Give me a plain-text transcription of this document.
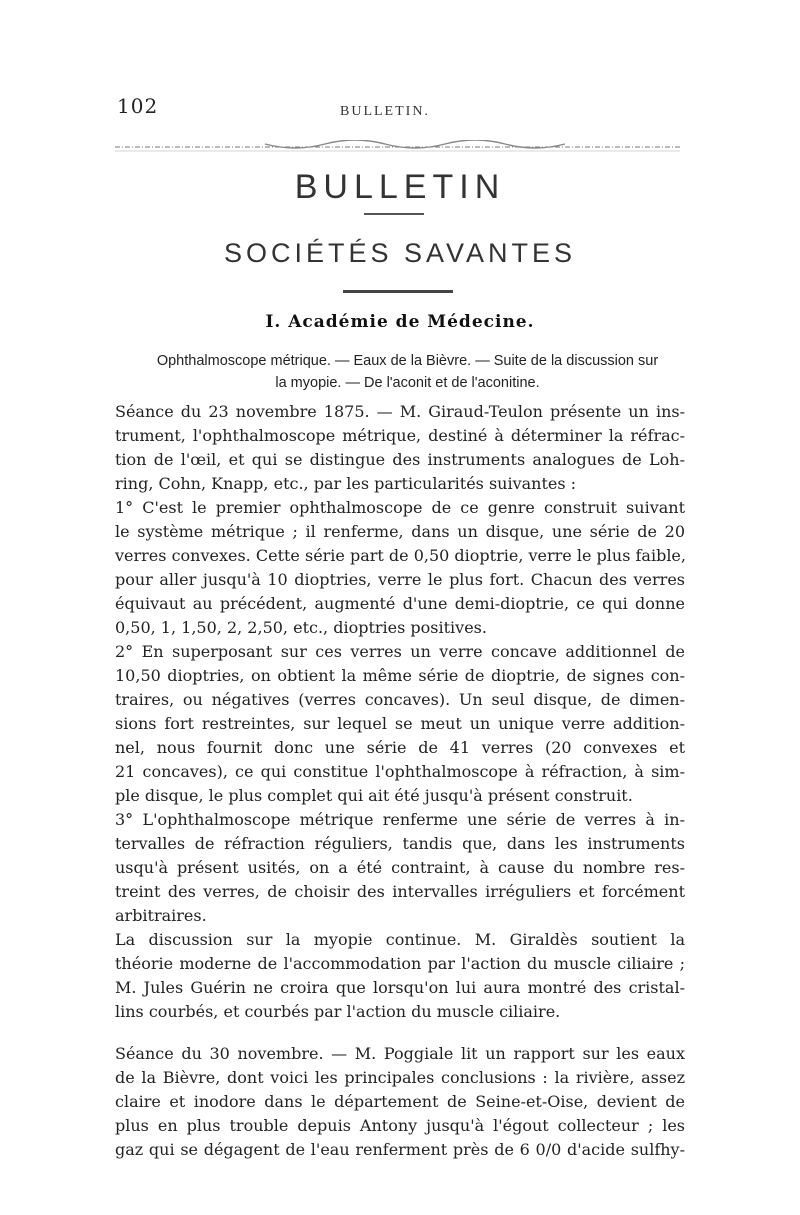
102	BULLETIN.
BULLETIN
SOCIÉTÉS SAVANTES
I. Académie de Médecine.
Ophthalmoscope métrique. — Eaux de la Bièvre. — Suite de la discussion sur
la myopie. — De l'aconit et de l'aconitine.
Séance du 23 novembre 1875. — M. Giraud-Teulon présente un ins-
trument, l'ophthalmoscope métrique, destiné à déterminer la réfrac-
tion de l'œil, et qui se distingue des instruments analogues de Loh-
ring, Cohn, Knapp, etc., par les particularités suivantes :
1° C'est le premier ophthalmoscope de ce genre construit suivant
le système métrique ; il renferme, dans un disque, une série de 20
verres convexes. Cette série part de 0,50 dioptrie, verre le plus faible,
pour aller jusqu'à 10 dioptries, verre le plus fort. Chacun des verres
équivaut au précédent, augmenté d'une demi-dioptrie, ce qui donne
0,50, 1, 1,50, 2, 2,50, etc., dioptries positives.
2° En superposant sur ces verres un verre concave additionnel de
10,50 dioptries, on obtient la même série de dioptrie, de signes con-
traires, ou négatives (verres concaves). Un seul disque, de dimen-
sions fort restreintes, sur lequel se meut un unique verre addition-
nel, nous fournit donc une série de 41 verres (20 convexes et
21 concaves), ce qui constitue l'ophthalmoscope à réfraction, à sim-
ple disque, le plus complet qui ait été jusqu'à présent construit.
3° L'ophthalmoscope métrique renferme une série de verres à in-
tervalles de réfraction réguliers, tandis que, dans les instruments
usqu'à présent usités, on a été contraint, à cause du nombre res-
treint des verres, de choisir des intervalles irréguliers et forcément
arbitraires.
La discussion sur la myopie continue. M. Giraldès soutient la
théorie moderne de l'accommodation par l'action du muscle ciliaire ;
M. Jules Guérin ne croira que lorsqu'on lui aura montré des cristal-
lins courbés, et courbés par l'action du muscle ciliaire.
Séance du 30 novembre. — M. Poggiale lit un rapport sur les eaux
de la Bièvre, dont voici les principales conclusions : la rivière, assez
claire et inodore dans le département de Seine-et-Oise, devient de
plus en plus trouble depuis Antony jusqu'à l'égout collecteur ; les
gaz qui se dégagent de l'eau renferment près de 6 0/0 d'acide sulfhy-
